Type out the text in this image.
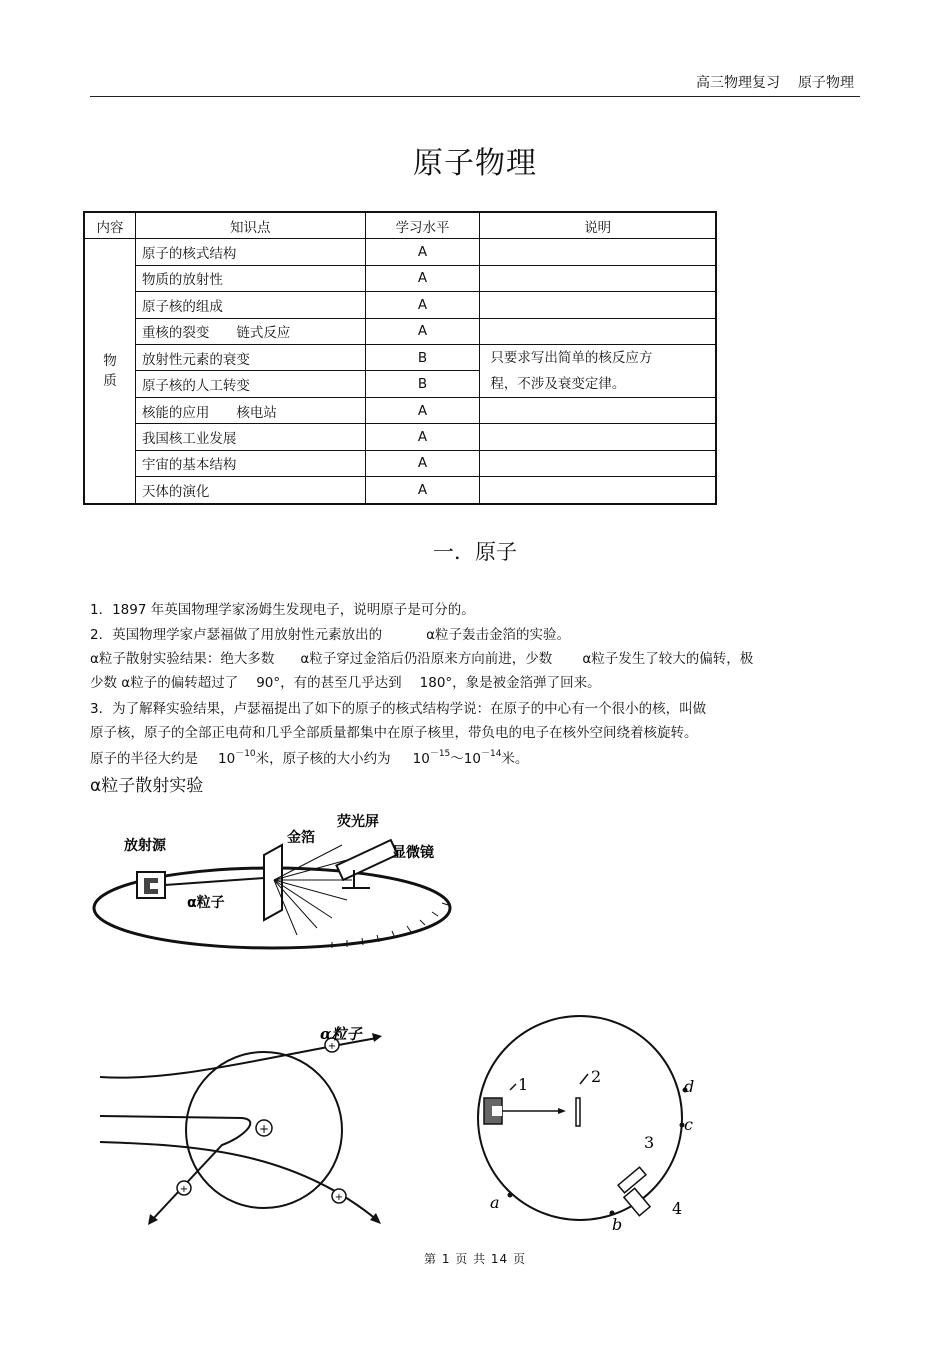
高三物理复习 原子物理
原子物理
内容	知识点	学习水平	说明
物
质	原子的核式结构	A	
	物质的放射性	A	
	原子核的组成	A	
	重核的裂变　　链式反应	A	
	放射性元素的衰变	B	只要求写出简单的核反应方
程，不涉及衰变定律。
	原子核的人工转变	B	
	核能的应用　　核电站	A	
	我国核工业发展	A	
	宇宙的基本结构	A	
	天体的演化	A	
一．原子
1．1897 年英国物理学家汤姆生发现电子，说明原子是可分的。
2．英国物理学家卢瑟福做了用放射性元素放出的	α粒子轰击金箔的实验。
α粒子散射实验结果：绝大多数 α粒子穿过金箔后仍沿原来方向前进，少数 α粒子发生了较大的偏转，极
少数 α粒子的偏转超过了 90°，有的甚至几乎达到 180°，象是被金箔弹了回来。
3．为了解释实验结果，卢瑟福提出了如下的原子的核式结构学说：在原子的中心有一个很小的核，叫做
原子核，原子的全部正电荷和几乎全部质量都集中在原子核里，带负电的电子在核外空间绕着核旋转。
原子的半径大约是 $10^{-10}$米，原子核的大小约为 $10^{-15}\sim 10^{-14}$米。
α粒子散射实验
放射源	金箔
荧光屏
显微镜
α粒子
+
+
+
+
α粒子
1	2
3
4
a
b
c
d
第 1 页 共 14 页
